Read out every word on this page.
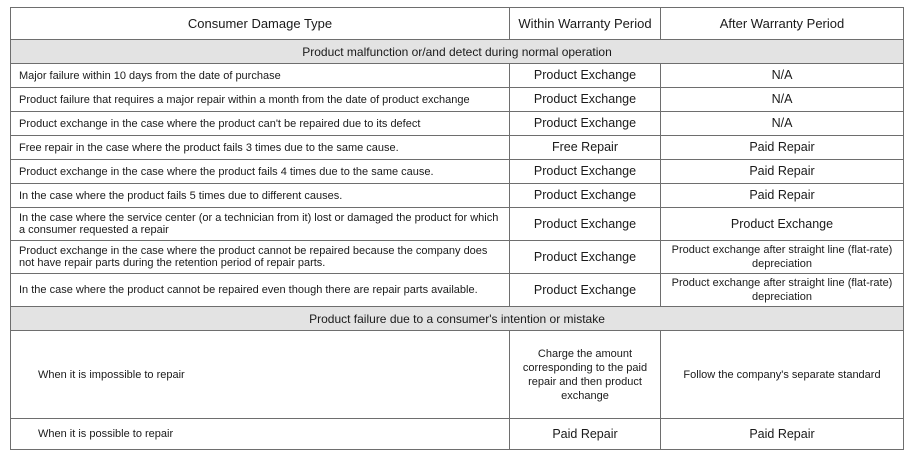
Consumer Damage Type	Within Warranty Period	After Warranty Period
Product malfunction or/and detect during normal operation		
Major failure within 10 days from the date of purchase	Product Exchange	N/A
Product failure that requires a major repair within a month from the date of product exchange	Product Exchange	N/A
Product exchange in the case where the product can't be repaired due to its defect	Product Exchange	N/A
Free repair in the case where the product fails 3 times due to the same cause.	Free Repair	Paid Repair
Product exchange in the case where the product fails 4 times due to the same cause.	Product Exchange	Paid Repair
In the case where the product fails 5 times due to different causes.	Product Exchange	Paid Repair
In the case where the service center (or a technician from it) lost or damaged the product for which a consumer requested a repair	Product Exchange	Product Exchange
Product exchange in the case where the product cannot be repaired because the company does not have repair parts during the retention period of repair parts.	Product Exchange	Product exchange after straight line (flat-rate) depreciation
In the case where the product cannot be repaired even though there are repair parts available.	Product Exchange	Product exchange after straight line (flat-rate) depreciation
Product failure due to a consumer's intention or mistake		
When it is impossible to repair	Charge the amount corresponding to the paid repair and then product exchange	Follow the company's separate standard
When it is possible to repair	Paid Repair	Paid Repair
